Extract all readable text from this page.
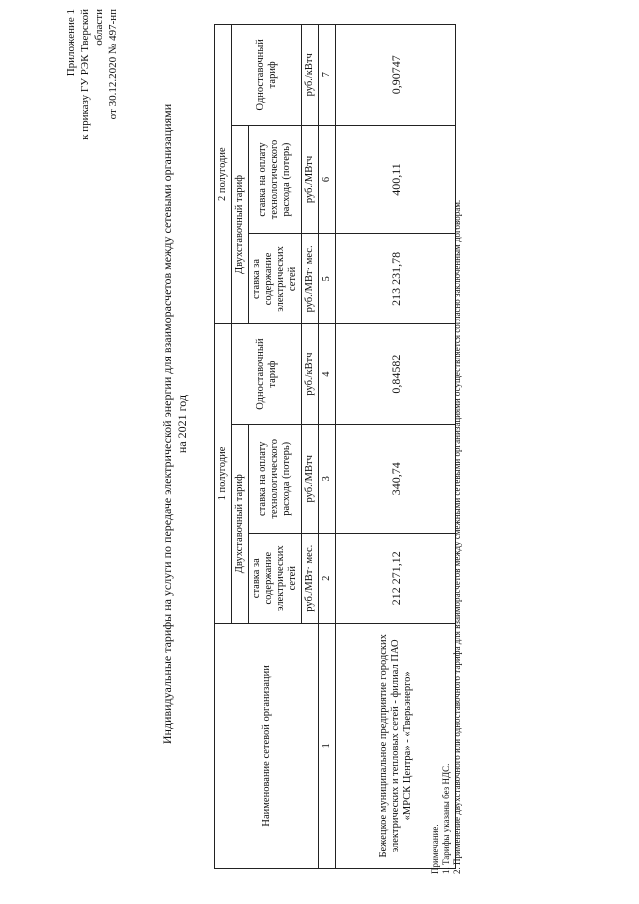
Приложение 1 к приказу ГУ РЭК Тверской области от 30.12.2020 № 497-нп
Индивидуальные тарифы на услуги по передаче электрической энергии для взаиморасчетов между сетевыми организациями на 2021 год
Наименование сетевой организации	1 полугодие			2 полугодие		
	Двухставочный тариф		Одноставочный тариф	Двухставочный тариф		Одноставочный тариф
	ставка за содержание электрических сетей	ставка на оплату технологического расхода (потерь)		ставка за содержание электрических сетей	ставка на оплату технологического расхода (потерь)	
	руб./МВт· мес.	руб./МВтч	руб./кВтч	руб./МВт· мес.	руб./МВтч	руб./кВтч
1	2	3	4	5	6	7
Бежецкое муниципальное предприятие городских электрических и тепловых сетей - филиал ПАО «МРСК Центра» - «Тверьэнерго»	212 271,12	340,74	0,84582	213 231,78	400,11	0,90747
Примечание. 1. Тарифы указаны без НДС. 2. Применение двухставочного или одноставочного тарифа для взаиморасчетов между смежными сетевыми организациями осуществляется согласно заключенным договорам.
